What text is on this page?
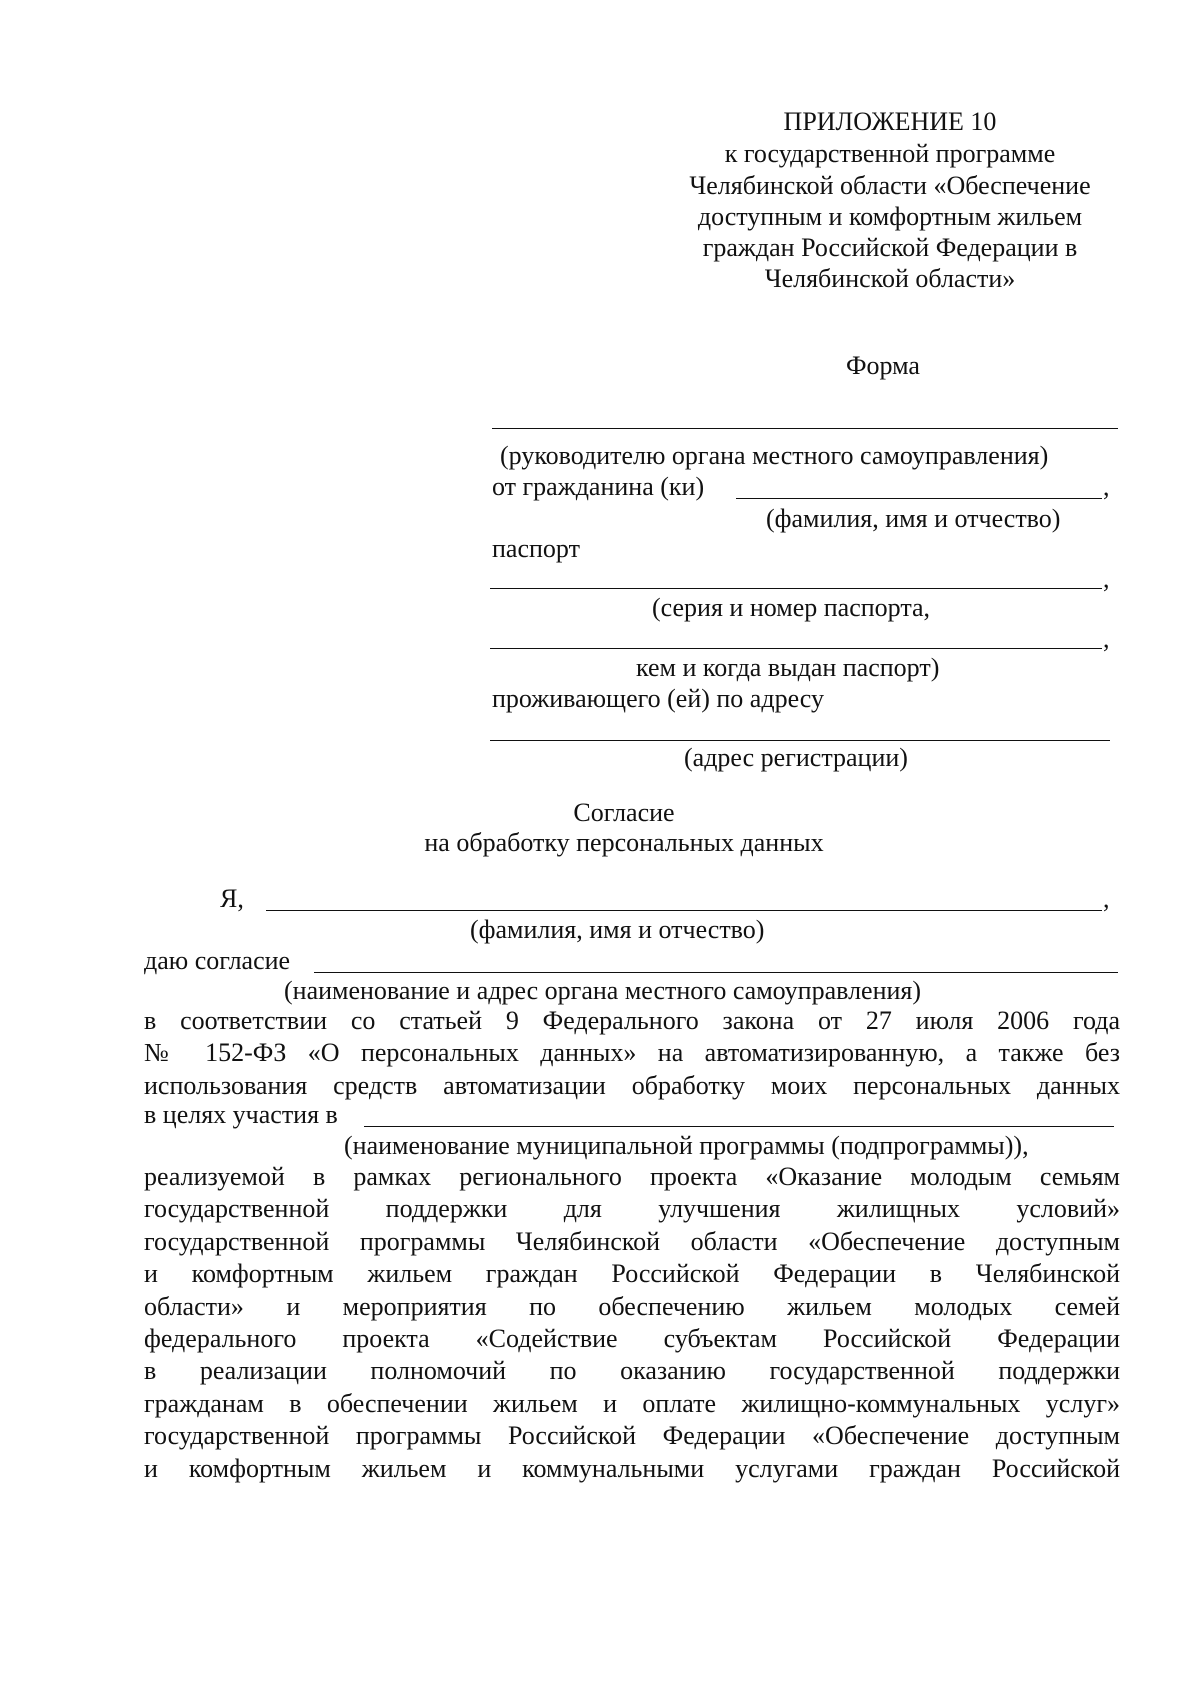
ПРИЛОЖЕНИЕ 10
к государственной программе
Челябинской области «Обеспечение
доступным и комфортным жильем
граждан Российской Федерации в
Челябинской области»
Форма
(руководителю органа местного самоуправления)
от гражданина (ки)	,
(фамилия, имя и отчество)
паспорт
,
(серия и номер паспорта,
,
кем и когда выдан паспорт)
проживающего (ей) по адресу
(адрес регистрации)
Согласие
на обработку персональных данных
Я,	,
(фамилия, имя и отчество)
даю согласие
(наименование и адрес органа местного самоуправления)
в соответствии со статьей 9 Федерального закона от 27 июля 2006 года
№ 152-ФЗ «О персональных данных» на автоматизированную, а также без
использования средств автоматизации обработку моих персональных данных
в целях участия в
(наименование муниципальной программы (подпрограммы)),
реализуемой в рамках регионального проекта «Оказание молодым семьям
государственной поддержки для улучшения жилищных условий»
государственной программы Челябинской области «Обеспечение доступным
и комфортным жильем граждан Российской Федерации в Челябинской
области» и мероприятия по обеспечению жильем молодых семей
федерального проекта «Содействие субъектам Российской Федерации
в реализации полномочий по оказанию государственной поддержки
гражданам в обеспечении жильем и оплате жилищно-коммунальных услуг»
государственной программы Российской Федерации «Обеспечение доступным
и комфортным жильем и коммунальными услугами граждан Российской
